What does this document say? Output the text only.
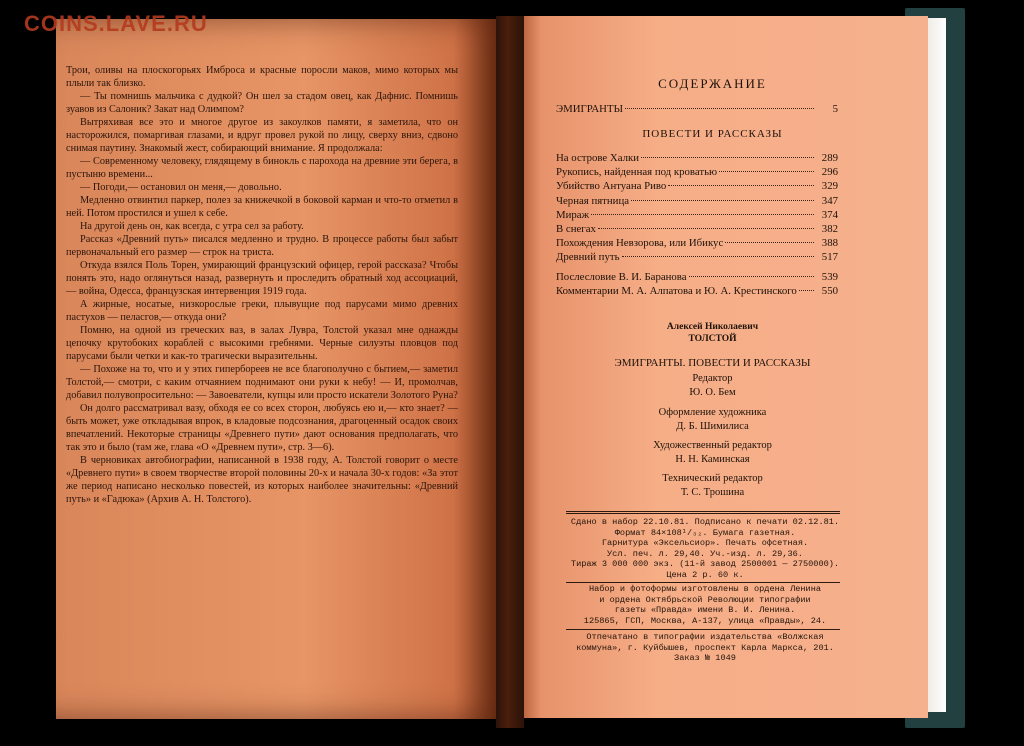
COINS.LAVE.RU

Трои, оливы на плоскогорьях Имброса и красные поросли маков, мимо которых мы плыли так близко.

— Ты помнишь мальчика с дудкой? Он шел за стадом овец, как Дафнис. Помнишь зуавов из Салоник? Закат над Олимпом?

Вытряхивая все это и многое другое из закоулков памяти, я заметила, что он насторожился, помаргивая глазами, и вдруг провел рукой по лицу, сверху вниз, сдвоно снимая паутину. Знакомый жест, собирающий внимание. Я продолжала:

— Современному человеку, глядящему в бинокль с парохода на древние эти берега, в пустыню времени...

— Погоди,— остановил он меня,— довольно.

Медленно отвинтил паркер, полез за книжечкой в боковой карман и что-то отметил в ней. Потом простился и ушел к себе.

На другой день он, как всегда, с утра сел за работу.

Рассказ «Древний путь» писался медленно и трудно. В процессе работы был забыт первоначальный его размер — строк на триста.

Откуда взялся Поль Торен, умирающий французский офицер, герой рассказа? Чтобы понять это, надо оглянуться назад, развернуть и проследить обратный ход ассоциаций,— война, Одесса, французская интервенция 1919 года.

А жирные, носатые, низкорослые греки, плывущие под парусами мимо древних пастухов — пеласгов,— откуда они?

Помню, на одной из греческих ваз, в залах Лувра, Толстой указал мне однажды цепочку крутобоких кораблей с высокими гребнями. Черные силуэты пловцов под парусами были четки и как-то трагически выразительны.

— Похоже на то, что и у этих гипербореев не все благополучно с бытием,— заметил Толстой,— смотри, с каким отчаянием поднимают они руки к небу! — И, промолчав, добавил полувопросительно: — Завоеватели, купцы или просто искатели Золотого Руна?

Он долго рассматривал вазу, обходя ее со всех сторон, любуясь ею и,— кто знает? — быть может, уже откладывая впрок, в кладовые подсознания, драгоценный осадок своих впечатлений. Некоторые страницы «Древнего пути» дают основания предполагать, что так это и было (там же, глава «О «Древнем пути», стр. 3—6).

В черновиках автобиографии, написанной в 1938 году, А. Толстой говорит о месте «Древнего пути» в своем творчестве второй половины 20-х и начала 30-х годов: «За этот же период написано несколько повестей, из которых наиболее значительны: «Древний путь» и «Гадюка» (Архив А. Н. Толстого).

СОДЕРЖАНИЕ
ЭМИГРАНТЫ	5
ПОВЕСТИ И РАССКАЗЫ
На острове Халки	289
Рукопись, найденная под кроватью	296
Убийство Антуана Риво	329
Черная пятница	347
Мираж	374
В снегах	382
Похождения Невзорова, или Ибикус	388
Древний путь	517
Послесловие В. И. Баранова	539
Комментарии М. А. Алпатова и Ю. А. Крестинского	550
Алексей Николаевич
ТОЛСТОЙ
ЭМИГРАНТЫ. ПОВЕСТИ И РАССКАЗЫ
Редактор
Ю. О. Бем
Оформление художника
Д. Б. Шимилиса
Художественный редактор
Н. Н. Каминская
Технический редактор
Т. С. Трошина
Сдано в набор 22.10.81. Подписано к печати 02.12.81.
Формат 84×108¹/₃₂. Бумага газетная.
Гарнитура «Эксельсиор». Печать офсетная.
Усл. печ. л. 29,40. Уч.-изд. л. 29,36.
Тираж 3 000 000 экз. (11-й завод 2500001 — 2750000).
Цена 2 р. 60 к.
Набор и фотоформы изготовлены в ордена Ленина
и ордена Октябрьской Революции типографии
газеты «Правда» имени В. И. Ленина.
125865, ГСП, Москва, А-137, улица «Правды», 24.
Отпечатано в типографии издательства «Волжская
коммуна», г. Куйбышев, проспект Карла Маркса, 201.
Заказ № 1049
